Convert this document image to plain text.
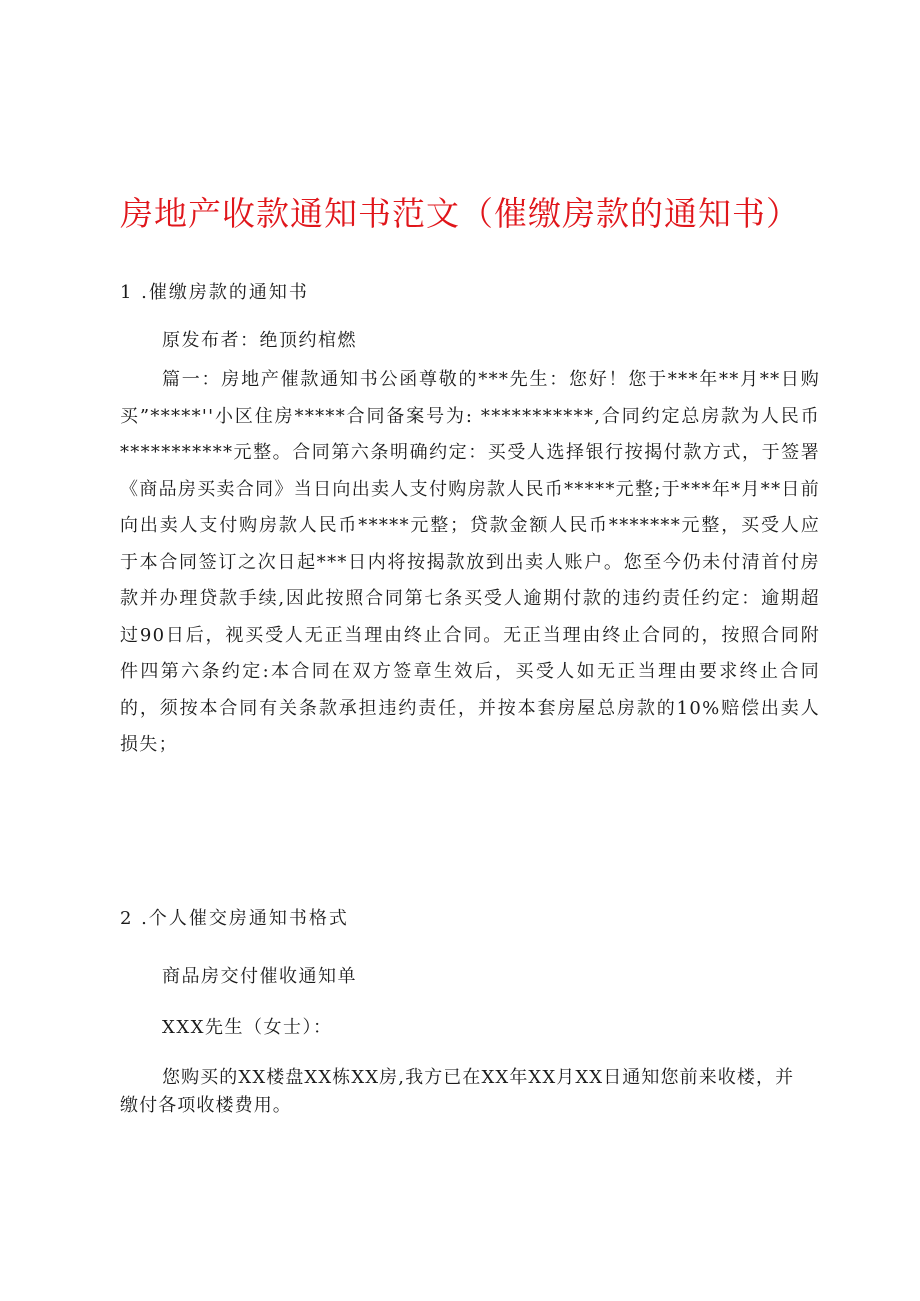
房地产收款通知书范文（催缴房款的通知书）

1 .催缴房款的通知书

原发布者：绝顶约棺燃

篇一：房地产催款通知书公函尊敬的***先生：您好！您于***年**月**日购买”*****''小区住房*****合同备案号为: ***********,合同约定总房款为人民币***********元整。合同第六条明确约定：买受人选择银行按揭付款方式，于签署《商品房买卖合同》当日向出卖人支付购房款人民币*****元整;于***年*月**日前向出卖人支付购房款人民币*****元整；贷款金额人民币*******元整，买受人应于本合同签订之次日起***日内将按揭款放到出卖人账户。您至今仍未付清首付房款并办理贷款手续,因此按照合同第七条买受人逾期付款的违约责任约定：逾期超过90日后，视买受人无正当理由终止合同。无正当理由终止合同的，按照合同附件四第六条约定:本合同在双方签章生效后，买受人如无正当理由要求终止合同的，须按本合同有关条款承担违约责任，并按本套房屋总房款的10%赔偿出卖人损失；

2 .个人催交房通知书格式

商品房交付催收通知单

XXX先生（女士）：

您购买的XX楼盘XX栋XX房,我方已在XX年XX月XX日通知您前来收楼，并缴付各项收楼费用。
